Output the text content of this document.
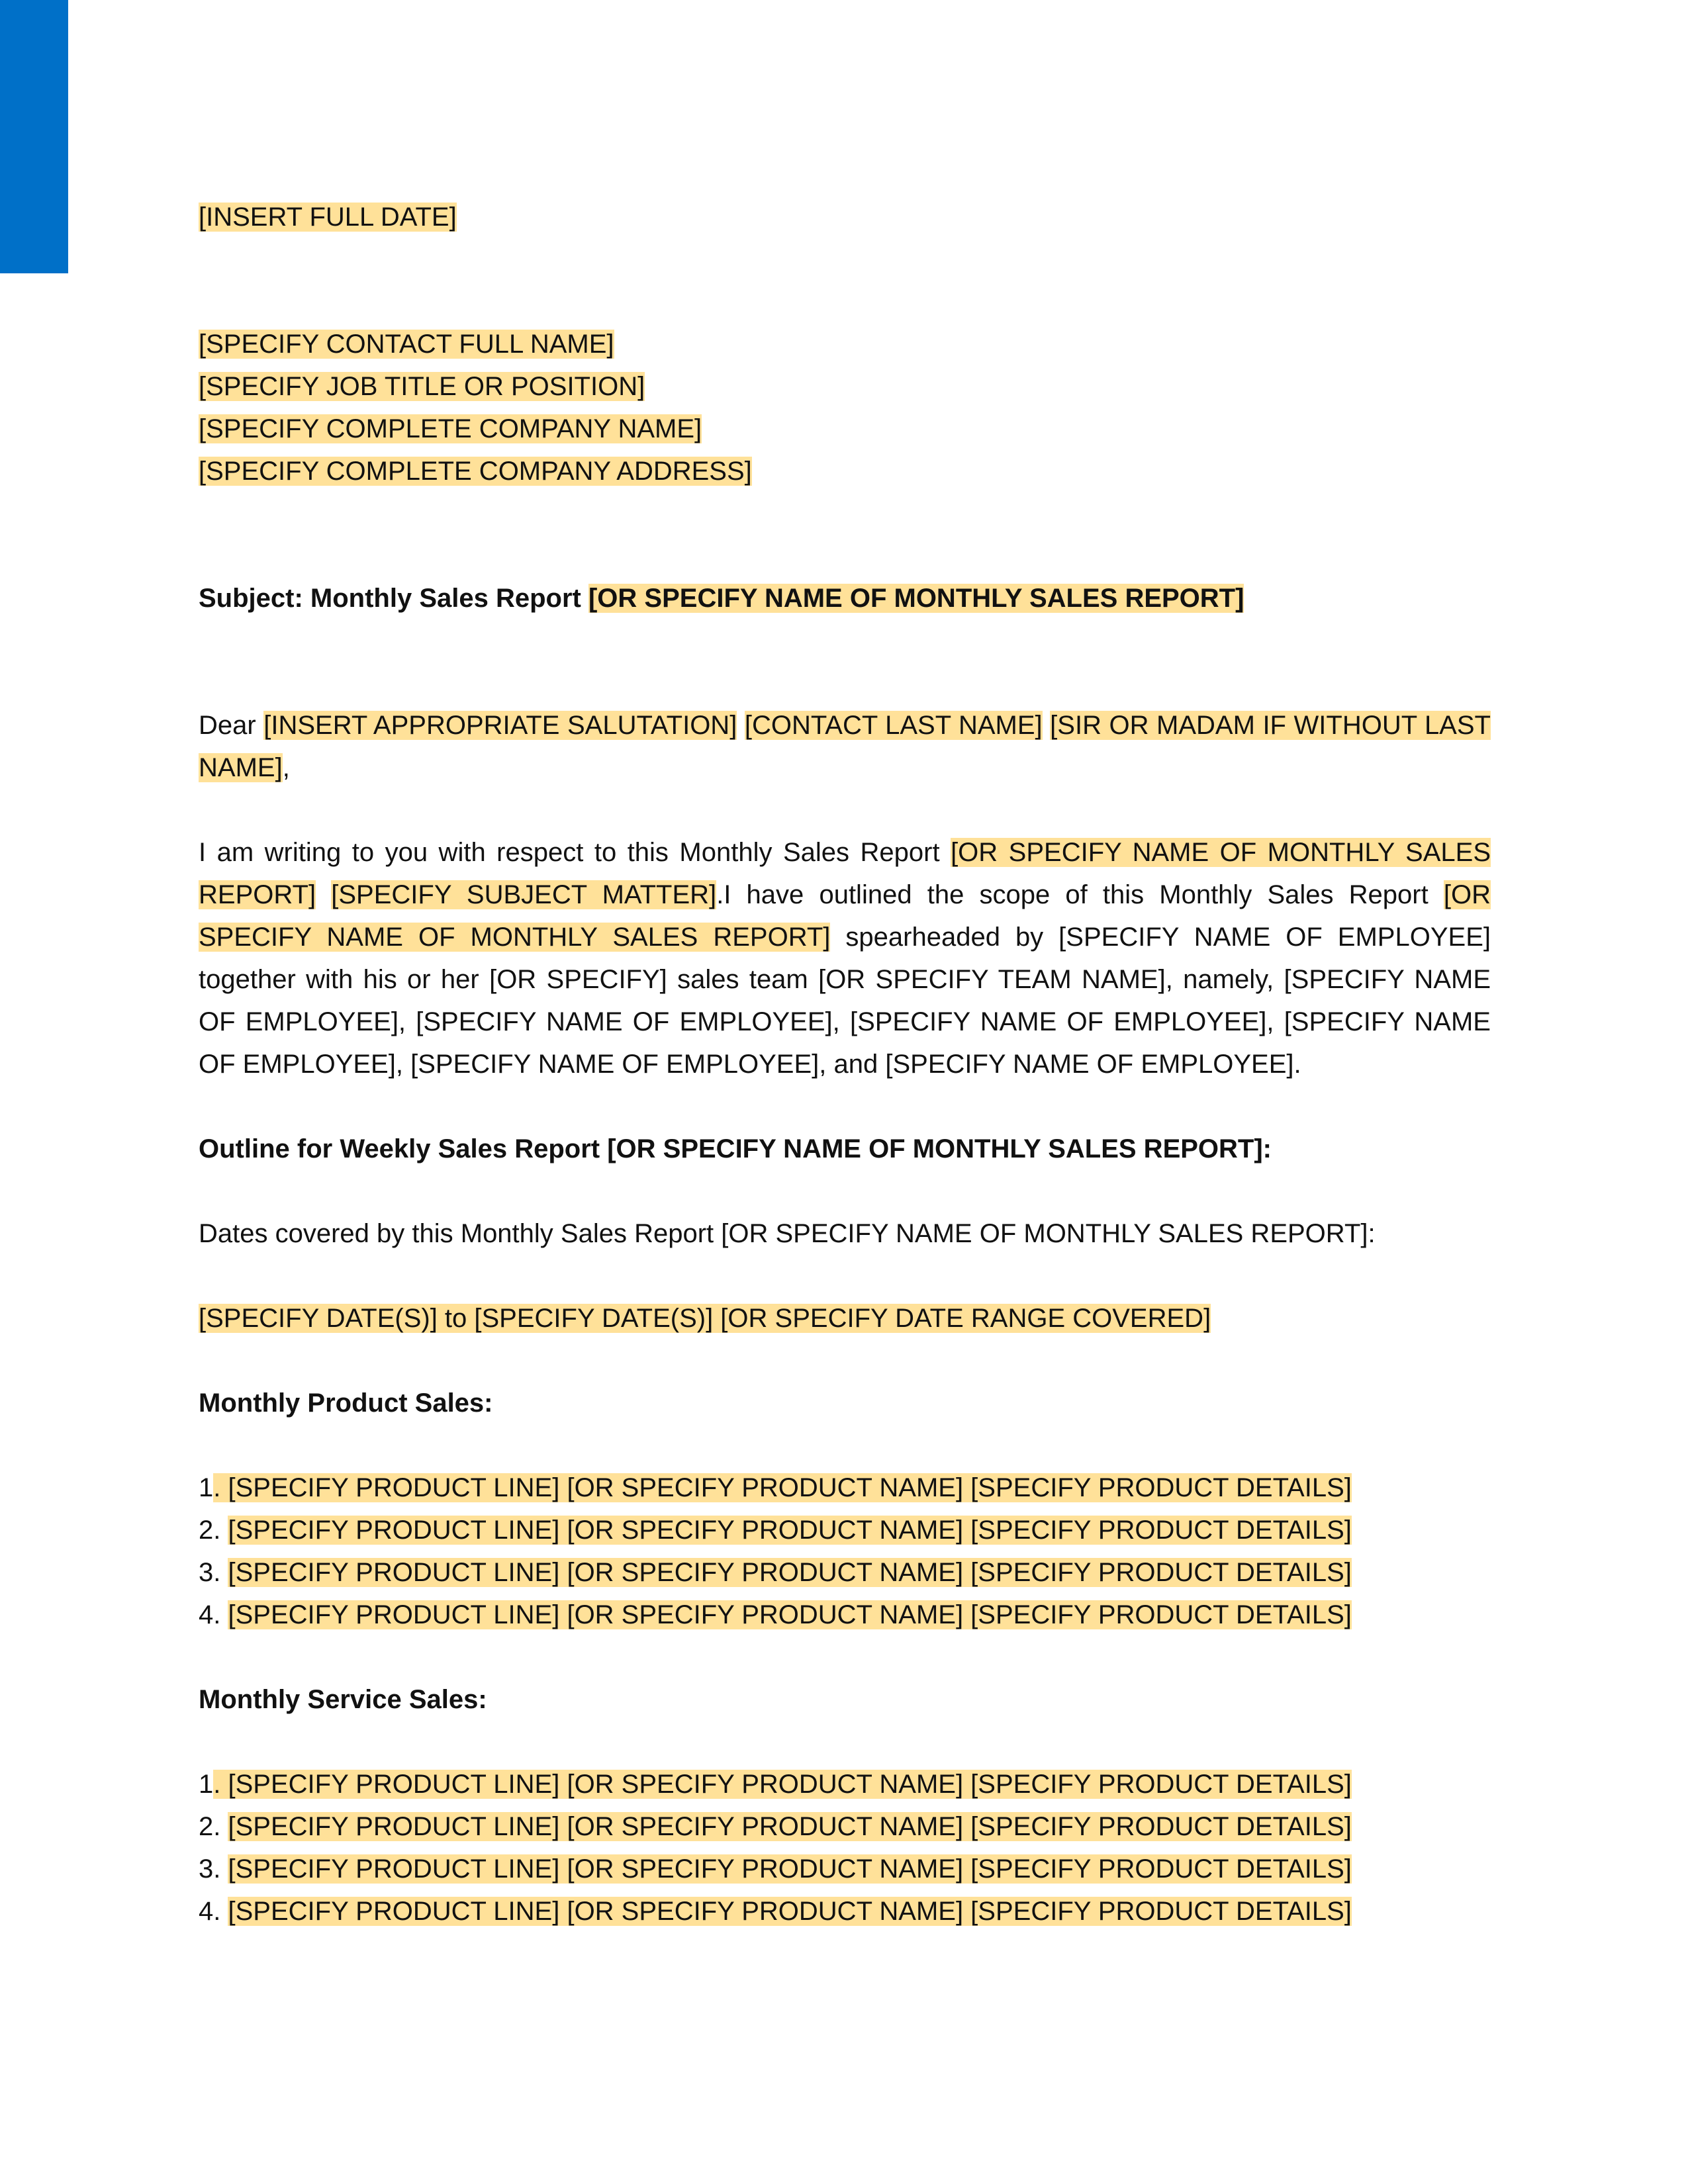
[INSERT FULL DATE]
[SPECIFY CONTACT FULL NAME]
[SPECIFY JOB TITLE OR POSITION]
[SPECIFY COMPLETE COMPANY NAME]
[SPECIFY COMPLETE COMPANY ADDRESS]
Subject: Monthly Sales Report [OR SPECIFY NAME OF MONTHLY SALES REPORT]
Dear [INSERT APPROPRIATE SALUTATION] [CONTACT LAST NAME] [SIR OR MADAM IF WITHOUT LAST NAME],
I am writing to you with respect to this Monthly Sales Report [OR SPECIFY NAME OF MONTHLY SALES REPORT] [SPECIFY SUBJECT MATTER].I have outlined the scope of this Monthly Sales Report [OR SPECIFY NAME OF MONTHLY SALES REPORT] spearheaded by [SPECIFY NAME OF EMPLOYEE] together with his or her [OR SPECIFY] sales team [OR SPECIFY TEAM NAME], namely, [SPECIFY NAME OF EMPLOYEE], [SPECIFY NAME OF EMPLOYEE], [SPECIFY NAME OF EMPLOYEE], [SPECIFY NAME OF EMPLOYEE], [SPECIFY NAME OF EMPLOYEE], and [SPECIFY NAME OF EMPLOYEE].
Outline for Weekly Sales Report [OR SPECIFY NAME OF MONTHLY SALES REPORT]:
Dates covered by this Monthly Sales Report [OR SPECIFY NAME OF MONTHLY SALES REPORT]:
[SPECIFY DATE(S)] to [SPECIFY DATE(S)] [OR SPECIFY DATE RANGE COVERED]
Monthly Product Sales:
1. [SPECIFY PRODUCT LINE] [OR SPECIFY PRODUCT NAME] [SPECIFY PRODUCT DETAILS]
2. [SPECIFY PRODUCT LINE] [OR SPECIFY PRODUCT NAME] [SPECIFY PRODUCT DETAILS]
3. [SPECIFY PRODUCT LINE] [OR SPECIFY PRODUCT NAME] [SPECIFY PRODUCT DETAILS]
4. [SPECIFY PRODUCT LINE] [OR SPECIFY PRODUCT NAME] [SPECIFY PRODUCT DETAILS]
Monthly Service Sales:
1. [SPECIFY PRODUCT LINE] [OR SPECIFY PRODUCT NAME] [SPECIFY PRODUCT DETAILS]
2. [SPECIFY PRODUCT LINE] [OR SPECIFY PRODUCT NAME] [SPECIFY PRODUCT DETAILS]
3. [SPECIFY PRODUCT LINE] [OR SPECIFY PRODUCT NAME] [SPECIFY PRODUCT DETAILS]
4. [SPECIFY PRODUCT LINE] [OR SPECIFY PRODUCT NAME] [SPECIFY PRODUCT DETAILS]
